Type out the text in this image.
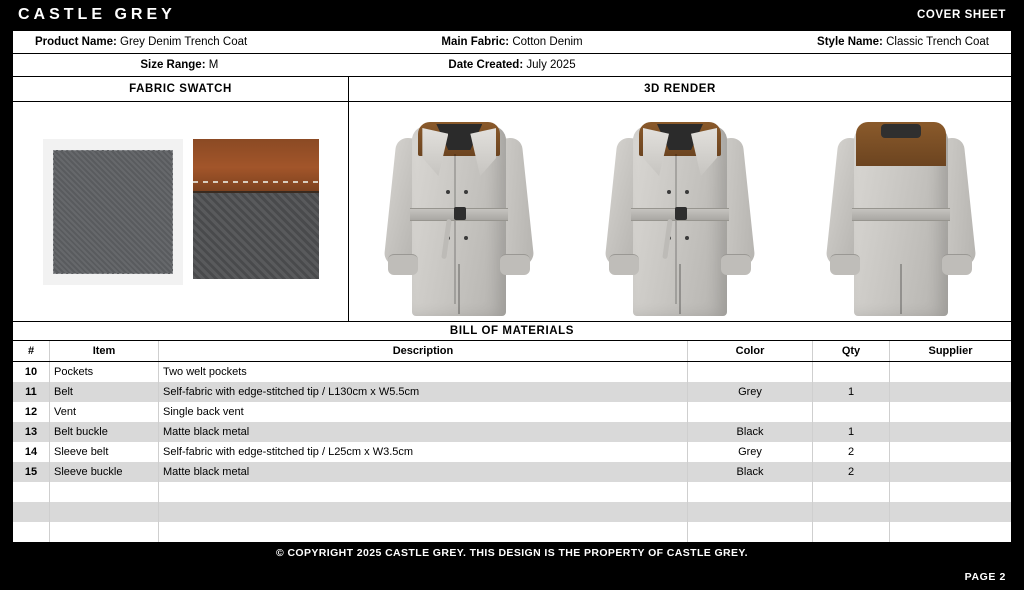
CASTLE GREY	COVER SHEET
Product Name: Grey Denim Trench Coat	Main Fabric: Cotton Denim	Style Name: Classic Trench Coat
Size Range: M	Date Created: July 2025
FABRIC SWATCH	3D RENDER
BILL OF MATERIALS
#	Item	Description	Color	Qty	Supplier
10	Pockets	Two welt pockets			
11	Belt	Self-fabric with edge-stitched tip / L130cm x W5.5cm	Grey	1	
12	Vent	Single back vent			
13	Belt buckle	Matte black metal	Black	1	
14	Sleeve belt	Self-fabric with edge-stitched tip / L25cm x W3.5cm	Grey	2	
15	Sleeve buckle	Matte black metal	Black	2	

© COPYRIGHT 2025 CASTLE GREY. THIS DESIGN IS THE PROPERTY OF CASTLE GREY.
PAGE 2
